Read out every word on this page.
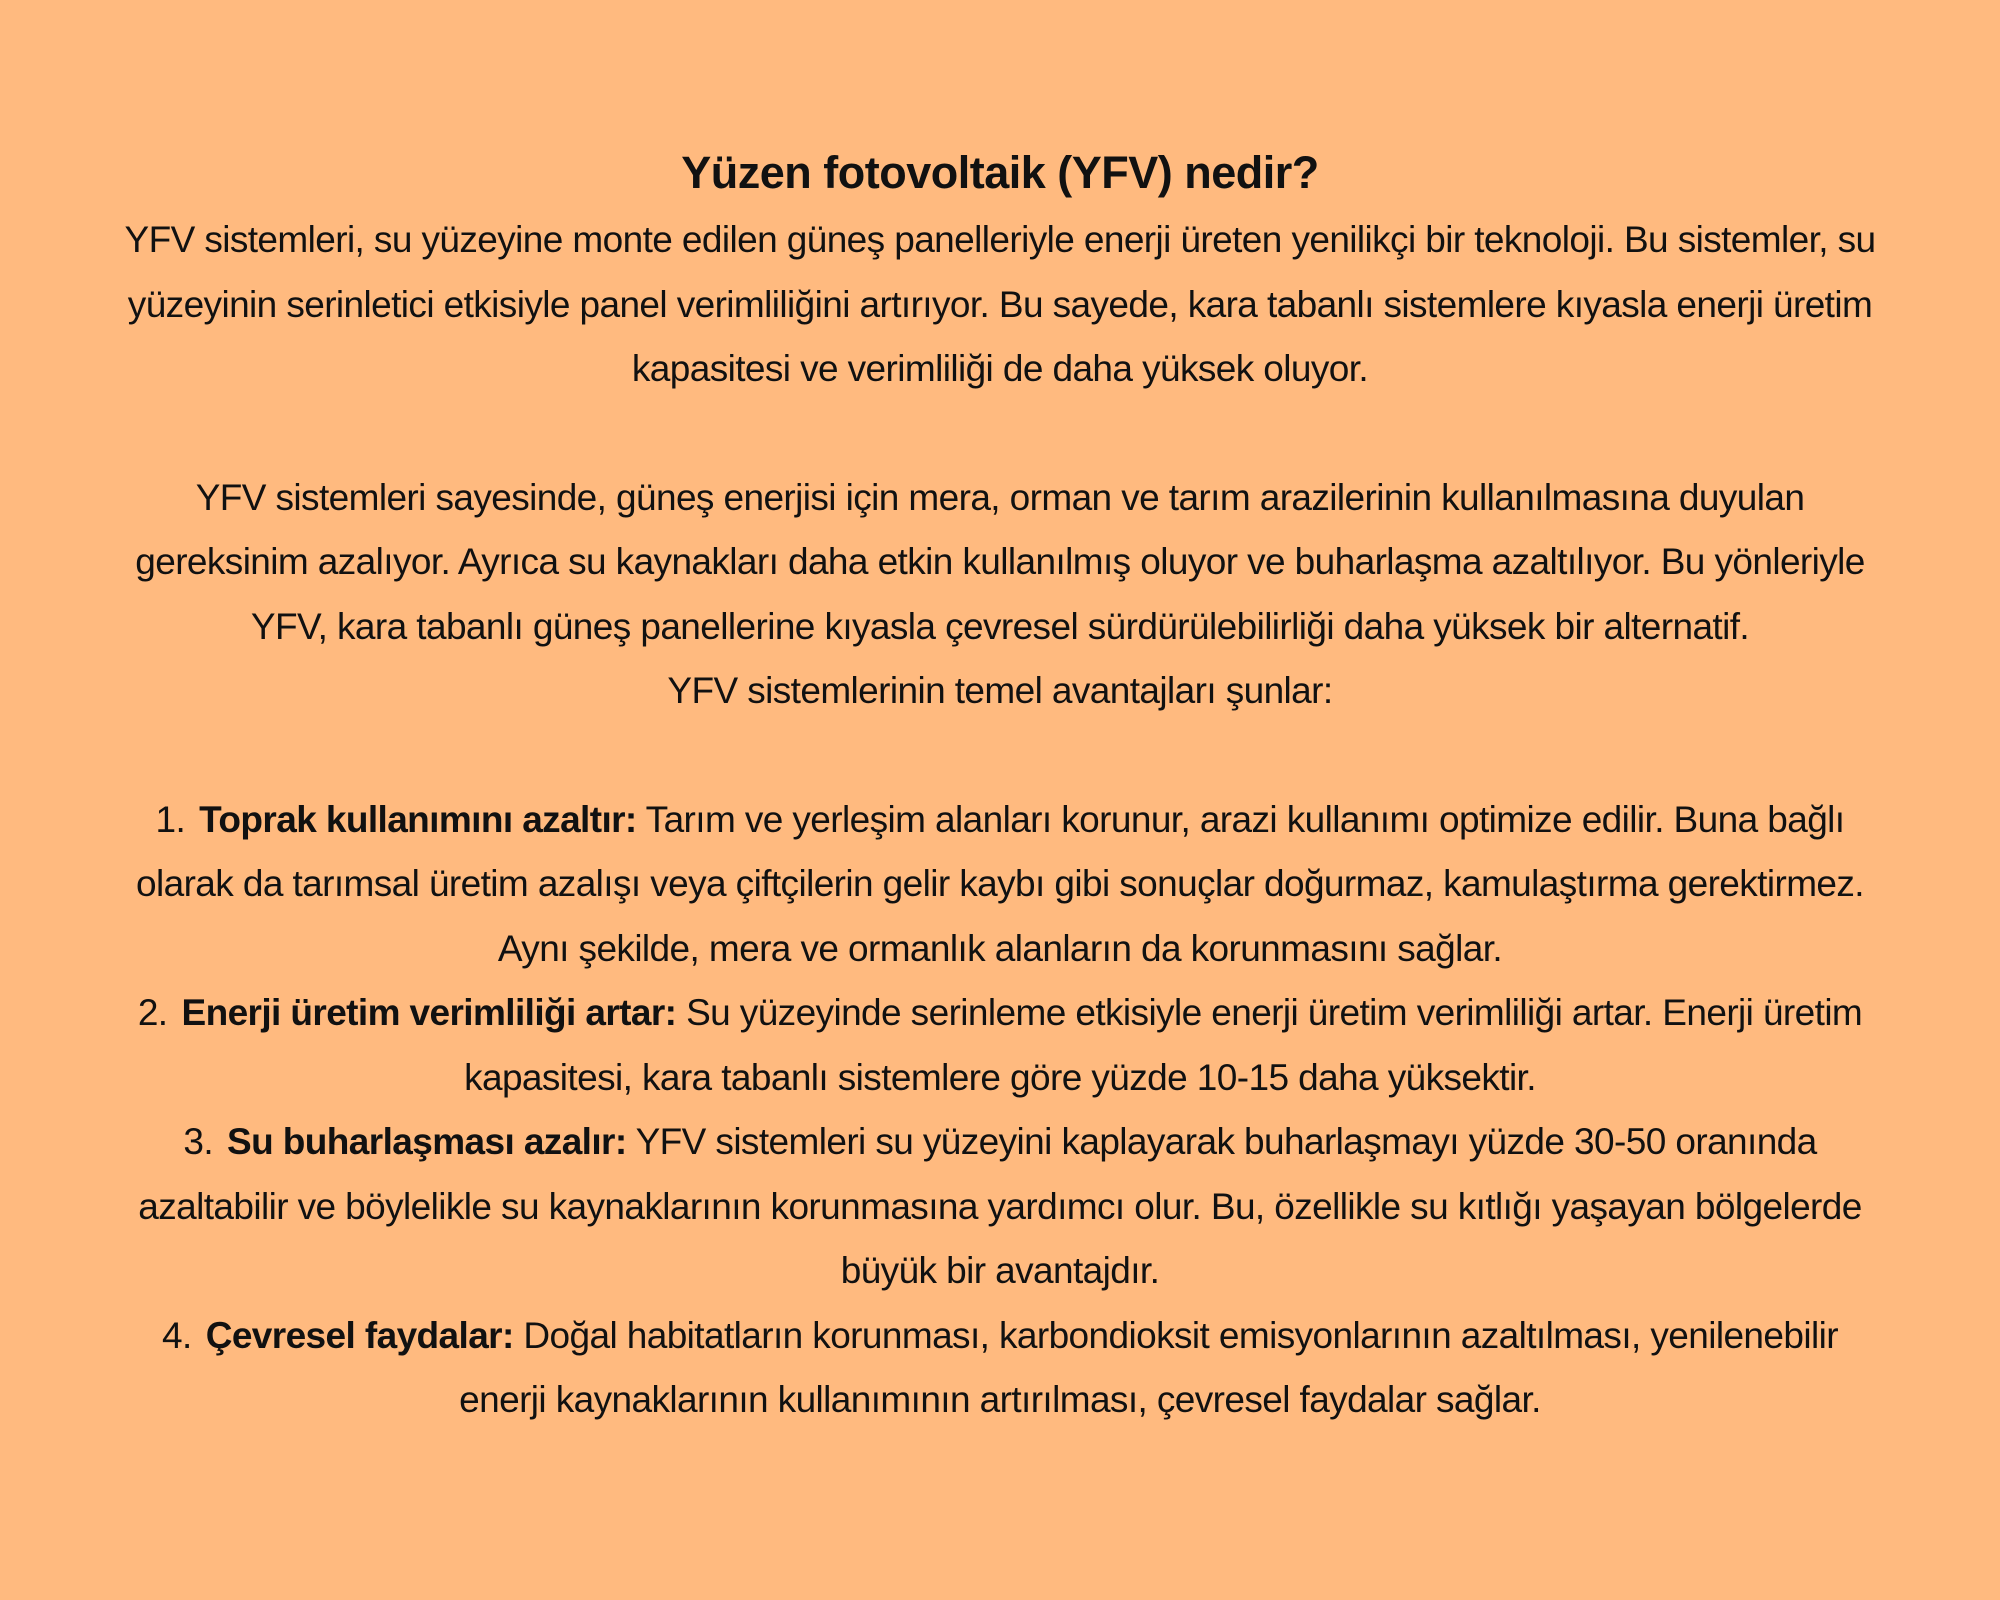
Yüzen fotovoltaik (YFV) nedir?

YFV sistemleri, su yüzeyine monte edilen güneş panelleriyle enerji üreten yenilikçi bir teknoloji. Bu sistemler, su yüzeyinin serinletici etkisiyle panel verimliliğini artırıyor. Bu sayede, kara tabanlı sistemlere kıyasla enerji üretim kapasitesi ve verimliliği de daha yüksek oluyor.

YFV sistemleri sayesinde, güneş enerjisi için mera, orman ve tarım arazilerinin kullanılmasına duyulan gereksinim azalıyor. Ayrıca su kaynakları daha etkin kullanılmış oluyor ve buharlaşma azaltılıyor. Bu yönleriyle YFV, kara tabanlı güneş panellerine kıyasla çevresel sürdürülebilirliği daha yüksek bir alternatif.

YFV sistemlerinin temel avantajları şunlar:

1. Toprak kullanımını azaltır: Tarım ve yerleşim alanları korunur, arazi kullanımı optimize edilir. Buna bağlı olarak da tarımsal üretim azalışı veya çiftçilerin gelir kaybı gibi sonuçlar doğurmaz, kamulaştırma gerektirmez. Aynı şekilde, mera ve ormanlık alanların da korunmasını sağlar.
2. Enerji üretim verimliliği artar: Su yüzeyinde serinleme etkisiyle enerji üretim verimliliği artar. Enerji üretim kapasitesi, kara tabanlı sistemlere göre yüzde 10-15 daha yüksektir.
3. Su buharlaşması azalır: YFV sistemleri su yüzeyini kaplayarak buharlaşmayı yüzde 30-50 oranında azaltabilir ve böylelikle su kaynaklarının korunmasına yardımcı olur. Bu, özellikle su kıtlığı yaşayan bölgelerde büyük bir avantajdır.
4. Çevresel faydalar: Doğal habitatların korunması, karbondioksit emisyonlarının azaltılması, yenilenebilir enerji kaynaklarının kullanımının artırılması, çevresel faydalar sağlar.
